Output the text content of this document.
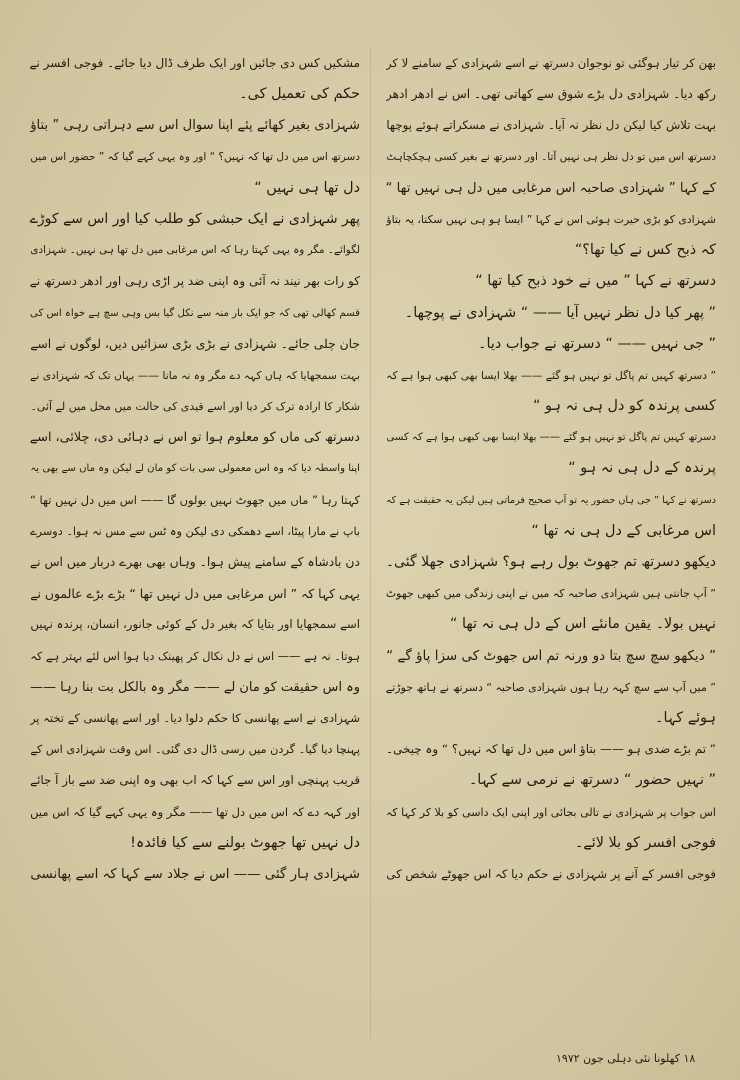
بھن کر تیار ہوگئی تو نوجوان دسرتھ نے اسے شہزادی کے سامنے لا کر
رکھ دیا۔ شہزادی دل بڑے شوق سے کھاتی تھی۔ اس نے ادھر ادھر
بہت تلاش کیا لیکن دل نظر نہ آیا۔ شہزادی نے مسکراتے ہوئے پوچھا
دسرتھ اس میں تو دل نظر ہی نہیں آتا۔ اور دسرتھ نے بغیر کسی ہچکچاہٹ
کے کہا ” شہزادی صاحبہ اس مرغابی میں دل ہی نہیں تھا “
شہزادی کو بڑی حیرت ہوئی اس نے کہا ” ایسا ہو ہی نہیں سکتا، یہ بتاؤ
کہ ذبح کس نے کیا تھا؟“
دسرتھ نے کہا ” میں نے خود ذبح کیا تھا “
” پھر کیا دل نظر نہیں آیا —— “ شہزادی نے پوچھا۔
” جی نہیں —— “ دسرتھ نے جواب دیا۔
” دسرتھ کہیں تم پاگل تو نہیں ہو گئے —— بھلا ایسا بھی کبھی ہوا ہے کہ
کسی پرندہ کو دل ہی نہ ہو “
دسرتھ کہیں تم پاگل تو نہیں ہو گئے —— بھلا ایسا بھی کبھی ہوا ہے کہ کسی
پرندہ کے دل ہی نہ ہو “
دسرتھ نے کہا ” جی ہاں حضور یہ تو آپ صحیح فرماتی ہیں لیکن یہ حقیقت ہے کہ
اس مرغابی کے دل ہی نہ تھا “
دیکھو دسرتھ تم جھوٹ بول رہے ہو؟ شہزادی جھلا گئی۔
” آپ جانتی ہیں شہزادی صاحبہ کہ میں نے اپنی زندگی میں کبھی جھوٹ
نہیں بولا۔ یقین مانئے اس کے دل ہی نہ تھا “
” دیکھو سچ سچ بتا دو ورنہ تم اس جھوٹ کی سزا پاؤ گے “
” میں آپ سے سچ کہہ رہا ہوں شہزادی صاحبہ “ دسرتھ نے ہاتھ جوڑتے
ہوئے کہا۔
” تم بڑے ضدی ہو —— بتاؤ اس میں دل تھا کہ نہیں؟ “ وہ چیخی۔
” نہیں حضور “ دسرتھ نے نرمی سے کہا۔
اس جواب پر شہزادی نے تالی بجائی اور اپنی ایک داسی کو بلا کر کہا کہ
فوجی افسر کو بلا لائے۔
فوجی افسر کے آنے پر شہزادی نے حکم دیا کہ اس جھوٹے شخص کی
مشکیں کس دی جائیں اور ایک طرف ڈال دیا جائے۔ فوجی افسر نے
حکم کی تعمیل کی۔
شہزادی بغیر کھائے پئے اپنا سوال اس سے دہراتی رہی ” بتاؤ
دسرتھ اس میں دل تھا کہ نہیں؟ “ اور وہ یہی کہے گیا کہ ” حضور اس میں
دل تھا ہی نہیں “
پھر شہزادی نے ایک حبشی کو طلب کیا اور اس سے کوڑے
لگوائے۔ مگر وہ یہی کہتا رہا کہ اس مرغابی میں دل تھا ہی نہیں۔ شہزادی
کو رات بھر نیند نہ آئی وہ اپنی ضد پر اڑی رہی اور ادھر دسرتھ نے
قسم کھالی تھی کہ جو ایک بار منہ سے نکل گیا بس وہی سچ ہے خواہ اس کی
جان چلی جائے۔ شہزادی نے بڑی بڑی سزائیں دیں، لوگوں نے اسے
بہت سمجھایا کہ ہاں کہہ دے مگر وہ نہ مانا —— یہاں تک کہ شہزادی نے
شکار کا ارادہ ترک کر دیا اور اسے قیدی کی حالت میں محل میں لے آئی۔
دسرتھ کی ماں کو معلوم ہوا تو اس نے دہائی دی، چلائی، اسے
اپنا واسطہ دیا کہ وہ اس معمولی سی بات کو مان لے لیکن وہ ماں سے بھی یہ
کہتا رہا ” ماں میں جھوٹ نہیں بولوں گا —— اس میں دل نہیں تھا “
باپ نے مارا پیٹا، اسے دھمکی دی لیکن وہ ٹس سے مس نہ ہوا۔ دوسرے
دن بادشاہ کے سامنے پیش ہوا۔ وہاں بھی بھرے دربار میں اس نے
یہی کہا کہ ” اس مرغابی میں دل نہیں تھا “ بڑے بڑے عالموں نے
اسے سمجھایا اور بتایا کہ بغیر دل کے کوئی جانور، انسان، پرندہ نہیں
ہوتا۔ نہ ہے —— اس نے دل نکال کر پھینک دیا ہوا اس لئے بہتر ہے کہ
وہ اس حقیقت کو مان لے —— مگر وہ بالکل بت بنا رہا ——
شہزادی نے اسے پھانسی کا حکم دلوا دیا۔ اور اسے پھانسی کے تختہ پر
پہنچا دیا گیا۔ گردن میں رسی ڈال دی گئی۔ اس وقت شہزادی اس کے
قریب پہنچی اور اس سے کہا کہ اب بھی وہ اپنی ضد سے باز آ جائے
اور کہہ دے کہ اس میں دل تھا —— مگر وہ یہی کہے گیا کہ اس میں
دل نہیں تھا جھوٹ بولنے سے کیا فائدہ!
شہزادی ہار گئی —— اس نے جلاد سے کہا کہ اسے پھانسی
۱۸ کھلونا نئی دہلی جون ۱۹۷۲
